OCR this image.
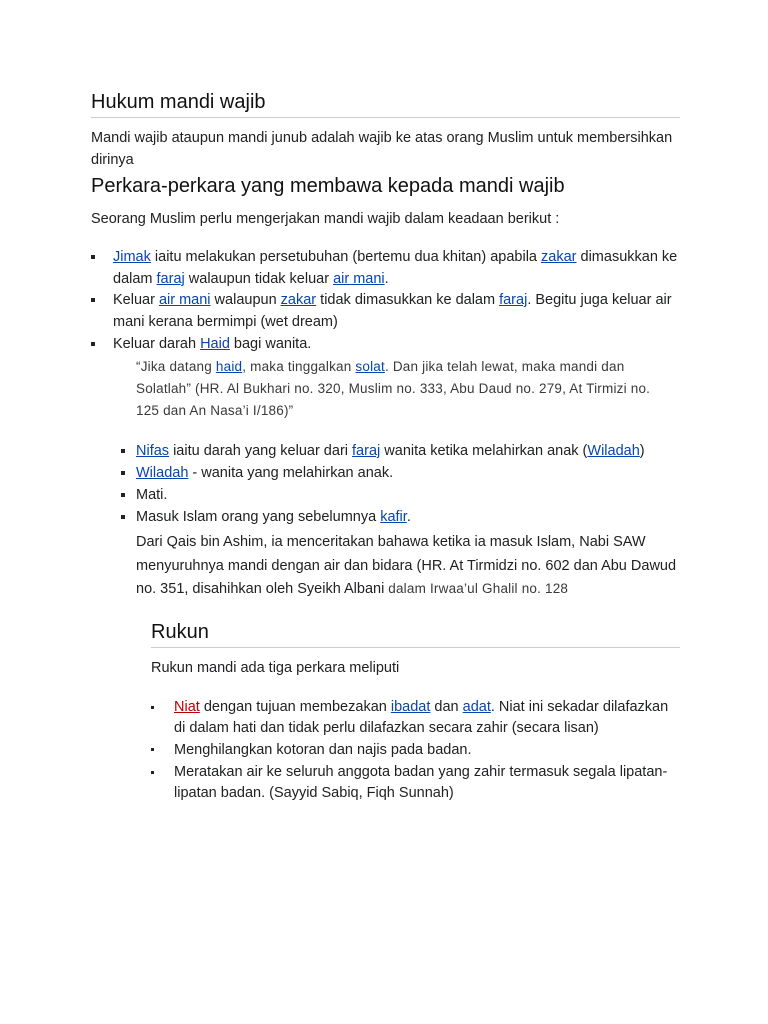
Hukum mandi wajib
Mandi wajib ataupun mandi junub adalah wajib ke atas orang Muslim untuk membersihkan
dirinya
Perkara-perkara yang membawa kepada mandi wajib
Seorang Muslim perlu mengerjakan mandi wajib dalam keadaan berikut :
Jimak iaitu melakukan persetubuhan (bertemu dua khitan) apabila zakar dimasukkan ke
dalam faraj walaupun tidak keluar air mani.
Keluar air mani walaupun zakar tidak dimasukkan ke dalam faraj. Begitu juga keluar air
mani kerana bermimpi (wet dream)
Keluar darah Haid bagi wanita.
“Jika datang haid, maka tinggalkan solat. Dan jika telah lewat, maka mandi dan
Solatlah” (HR. Al Bukhari no. 320, Muslim no. 333, Abu Daud no. 279, At Tirmizi no.
125 dan An Nasa’i I/186)”
Nifas iaitu darah yang keluar dari faraj wanita ketika melahirkan anak (Wiladah)
Wiladah - wanita yang melahirkan anak.
Mati.
Masuk Islam orang yang sebelumnya kafir.
Dari Qais bin Ashim, ia menceritakan bahawa ketika ia masuk Islam, Nabi SAW
menyuruhnya mandi dengan air dan bidara (HR. At Tirmidzi no. 602 dan Abu Dawud
no. 351, disahihkan oleh Syeikh Albani dalam Irwaa’ul Ghalil no. 128
Rukun
Rukun mandi ada tiga perkara meliputi
Niat dengan tujuan membezakan ibadat dan adat. Niat ini sekadar dilafazkan
di dalam hati dan tidak perlu dilafazkan secara zahir (secara lisan)
Menghilangkan kotoran dan najis pada badan.
Meratakan air ke seluruh anggota badan yang zahir termasuk segala lipatan-
lipatan badan. (Sayyid Sabiq, Fiqh Sunnah)
